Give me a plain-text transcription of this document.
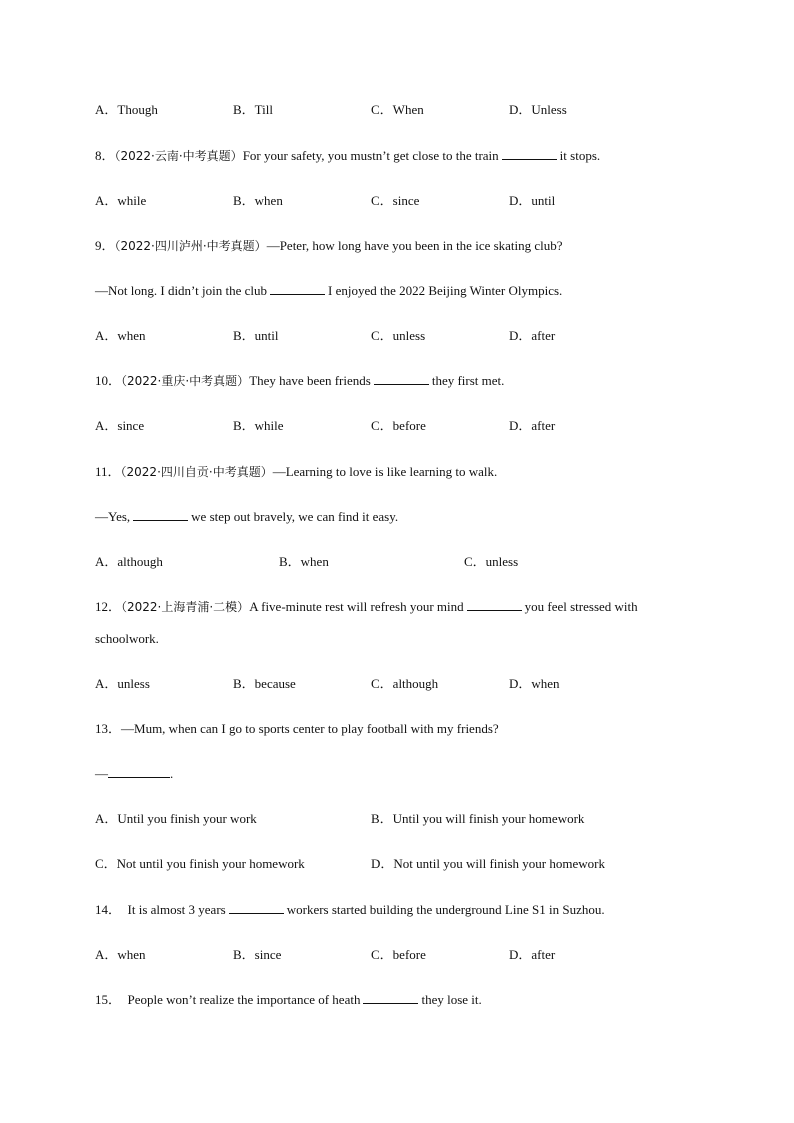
A．Though	B．Till	C．When	D．Unless
8．（2022·云南·中考真题）For your safety, you mustn’t get close to the train	it stops.
A．while	B．when	C．since	D．until
9．（2022·四川泸州·中考真题）—Peter, how long have you been in the ice skating club?
—Not long. I didn’t join the club	I enjoyed the 2022 Beijing Winter Olympics.
A．when	B．until	C．unless	D．after
10．（2022·重庆·中考真题）They have been friends	they first met.
A．since	B．while	C．before	D．after
11．（2022·四川自贡·中考真题）—Learning to love is like learning to walk.
—Yes,	we step out bravely, we can find it easy.
A．although	B．when	C．unless
12．（2022·上海青浦·二模）A five-minute rest will refresh your mind	you feel stressed with
schoolwork.
A．unless	B．because	C．although	D．when
13．—Mum, when can I go to sports center to play football with my friends?
—	.
A．Until you finish your work	B．Until you will finish your homework
C．Not until you finish your homework	D．Not until you will finish your homework
14． It is almost 3 years	workers started building the underground Line S1 in Suzhou.
A．when	B．since	C．before	D．after
15． People won’t realize the importance of heath	they lose it.
